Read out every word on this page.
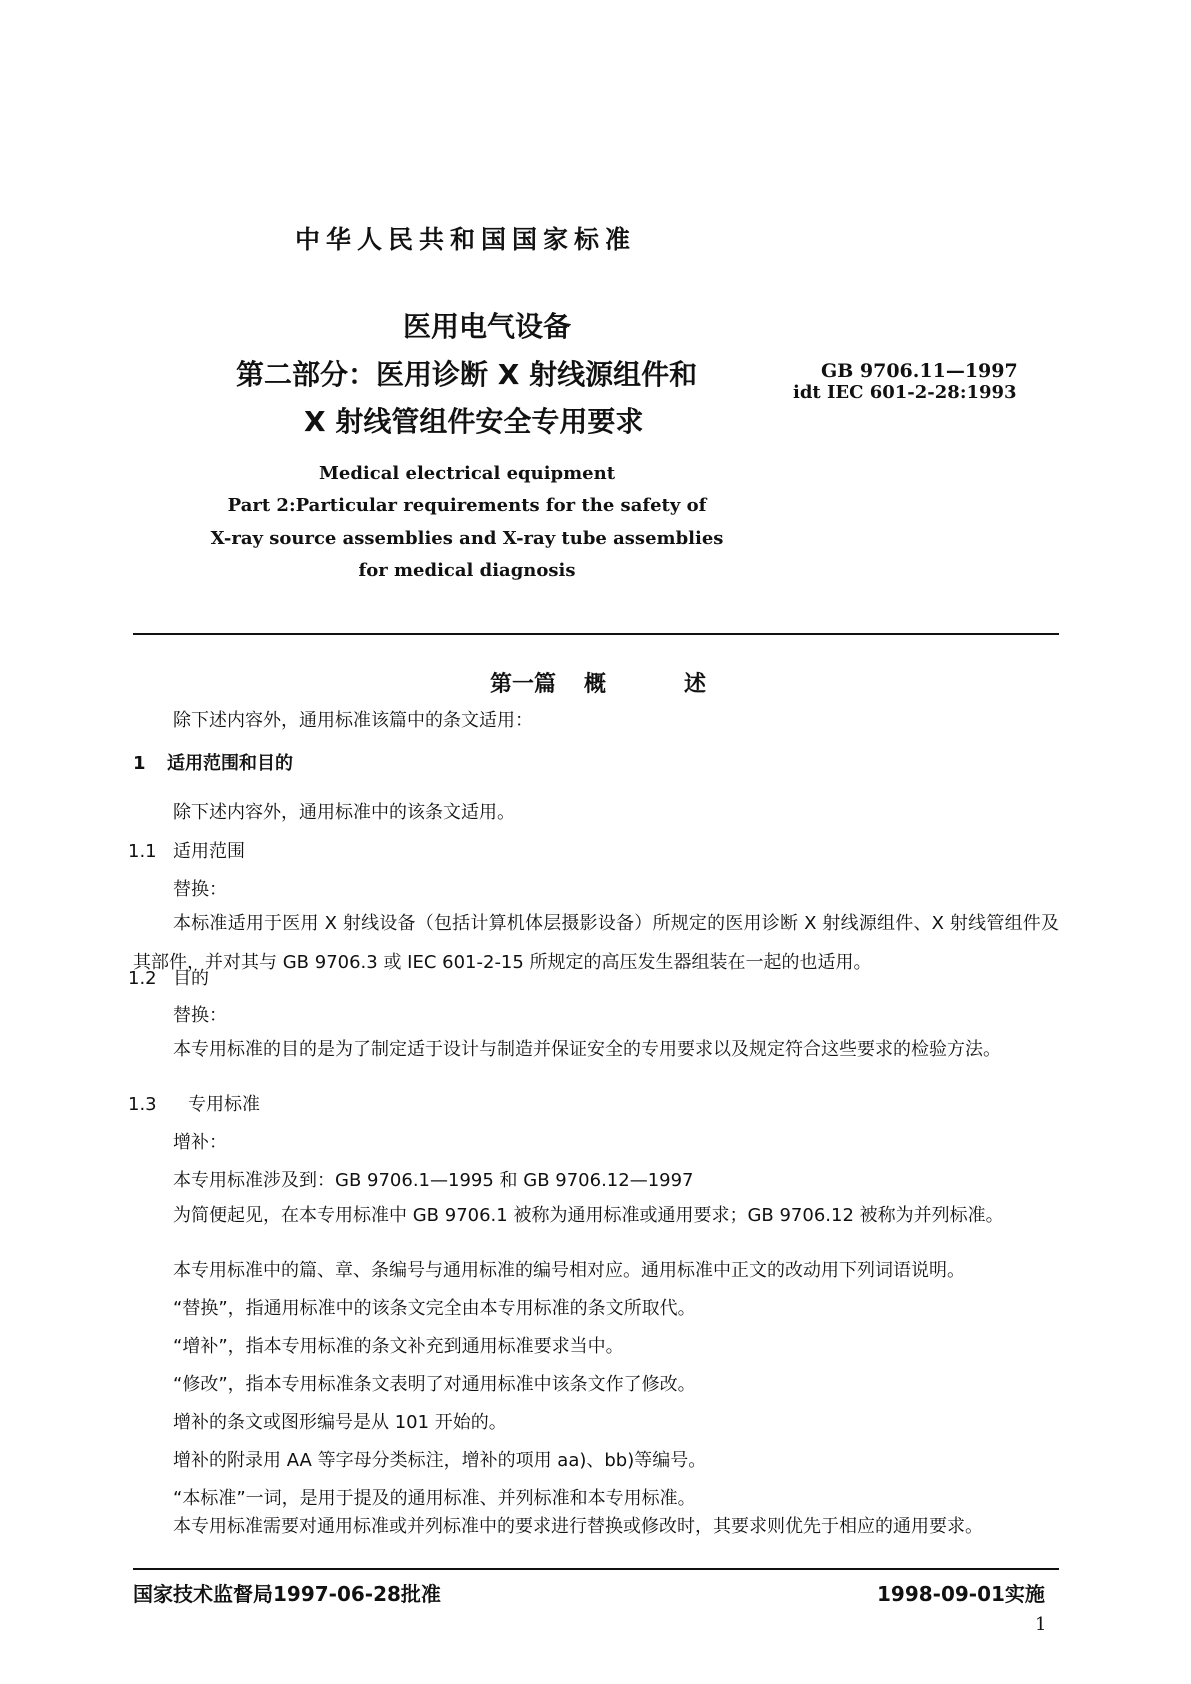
中华人民共和国国家标准
医用电气设备
第二部分：医用诊断 X 射线源组件和
X 射线管组件安全专用要求
GB 9706.11—1997
idt IEC 601-2-28:1993
Medical electrical equipment
Part 2:Particular requirements for the safety of
X-ray source assemblies and X-ray tube assemblies
for medical diagnosis
第一篇 概	述
除下述内容外，通用标准该篇中的条文适用：
1 适用范围和目的
除下述内容外，通用标准中的该条文适用。
1.1 适用范围
替换：
本标准适用于医用 X 射线设备（包括计算机体层摄影设备）所规定的医用诊断 X 射线源组件、X 射线管组件及其部件，并对其与 GB 9706.3 或 IEC 601-2-15 所规定的高压发生器组装在一起的也适用。
1.2 目的
替换：
本专用标准的目的是为了制定适于设计与制造并保证安全的专用要求以及规定符合这些要求的检验方法。
1.3 专用标准
增补：
本专用标准涉及到：GB 9706.1—1995 和 GB 9706.12—1997
为简便起见，在本专用标准中 GB 9706.1 被称为通用标准或通用要求；GB 9706.12 被称为并列标准。
本专用标准中的篇、章、条编号与通用标准的编号相对应。通用标准中正文的改动用下列词语说明。
“替换”，指通用标准中的该条文完全由本专用标准的条文所取代。
“增补”，指本专用标准的条文补充到通用标准要求当中。
“修改”，指本专用标准条文表明了对通用标准中该条文作了修改。
增补的条文或图形编号是从 101 开始的。
增补的附录用 AA 等字母分类标注，增补的项用 aa)、bb)等编号。
“本标准”一词，是用于提及的通用标准、并列标准和本专用标准。
本专用标准需要对通用标准或并列标准中的要求进行替换或修改时，其要求则优先于相应的通用要求。
国家技术监督局1997-06-28批准	1998-09-01实施
1
